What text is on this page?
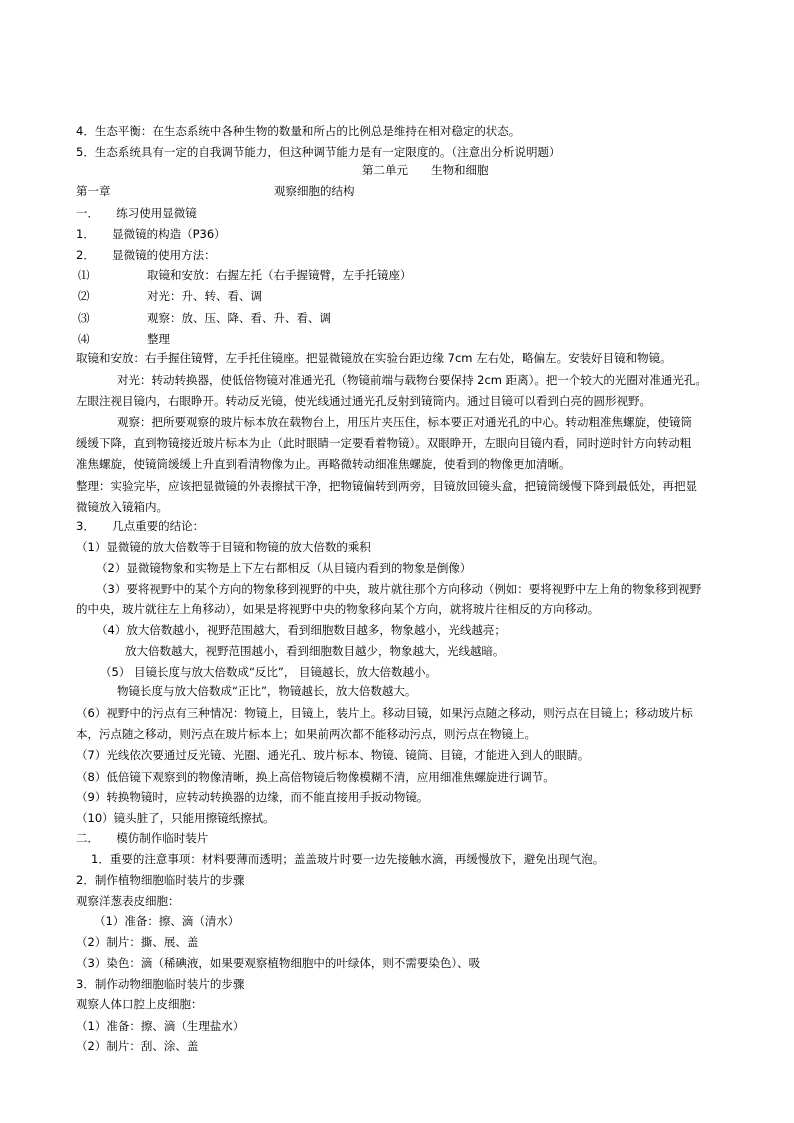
4．生态平衡：在生态系统中各种生物的数量和所占的比例总是维持在相对稳定的状态。
5．生态系统具有一定的自我调节能力，但这种调节能力是有一定限度的。（注意出分析说明题）
第二单元　　生物和细胞
第一章	观察细胞的结构
一．　　练习使用显微镜
1．　　显微镜的构造（P36）
2．　　显微镜的使用方法：
⑴　　　　　取镜和安放：右握左托（右手握镜臂，左手托镜座）
⑵　　　　　对光：升、转、看、调
⑶　　　　　观察：放、压、降、看、升、看、调
⑷　　　　　整理
取镜和安放：右手握住镜臂，左手托住镜座。把显微镜放在实验台距边缘 7cm 左右处，略偏左。安装好目镜和物镜。
对光：转动转换器，使低倍物镜对准通光孔（物镜前端与载物台要保持 2cm 距离）。把一个较大的光圈对准通光孔。
左眼注视目镜内，右眼睁开。转动反光镜，使光线通过通光孔反射到镜筒内。通过目镜可以看到白亮的圆形视野。
观察：把所要观察的玻片标本放在载物台上，用压片夹压住，标本要正对通光孔的中心。转动粗准焦螺旋，使镜筒
缓缓下降，直到物镜接近玻片标本为止（此时眼睛一定要看着物镜）。双眼睁开，左眼向目镜内看，同时逆时针方向转动粗
准焦螺旋，使镜筒缓缓上升直到看清物像为止。再略微转动细准焦螺旋，使看到的物像更加清晰。
整理：实验完毕，应该把显微镜的外表擦拭干净，把物镜偏转到两旁，目镜放回镜头盒，把镜筒缓慢下降到最低处，再把显
微镜放入镜箱内。
3．　　几点重要的结论：
（1）显微镜的放大倍数等于目镜和物镜的放大倍数的乘积
（2）显微镜物象和实物是上下左右都相反（从目镜内看到的物象是倒像）
（3）要将视野中的某个方向的物象移到视野的中央，玻片就往那个方向移动（例如：要将视野中左上角的物象移到视野
的中央，玻片就往左上角移动），如果是将视野中央的物象移向某个方向，就将玻片往相反的方向移动。
（4）放大倍数越小，视野范围越大，看到细胞数目越多，物象越小，光线越亮；
放大倍数越大，视野范围越小，看到细胞数目越少，物象越大，光线越暗。
（5） 目镜长度与放大倍数成“反比”， 目镜越长，放大倍数越小。
物镜长度与放大倍数成“正比”，物镜越长，放大倍数越大。
（6）视野中的污点有三种情况：物镜上，目镜上，装片上。移动目镜，如果污点随之移动，则污点在目镜上；移动玻片标
本，污点随之移动，则污点在玻片标本上；如果前两次都不能移动污点，则污点在物镜上。
（7）光线依次要通过反光镜、光圈、通光孔、玻片标本、物镜、镜筒、目镜，才能进入到人的眼睛。
（8）低倍镜下观察到的物像清晰，换上高倍物镜后物像模糊不清，应用细准焦螺旋进行调节。
（9）转换物镜时，应转动转换器的边缘，而不能直接用手扳动物镜。
（10）镜头脏了，只能用擦镜纸擦拭。
二．　　模仿制作临时装片
1．重要的注意事项：材料要薄而透明；盖盖玻片时要一边先接触水滴，再缓慢放下，避免出现气泡。
2．制作植物细胞临时装片的步骤
观察洋葱表皮细胞：
（1）准备：擦、滴（清水）
（2）制片：撕、展、盖
（3）染色：滴（稀碘液，如果要观察植物细胞中的叶绿体，则不需要染色）、吸
3．制作动物细胞临时装片的步骤
观察人体口腔上皮细胞：
（1）准备：擦、滴（生理盐水）
（2）制片：刮、涂、盖
